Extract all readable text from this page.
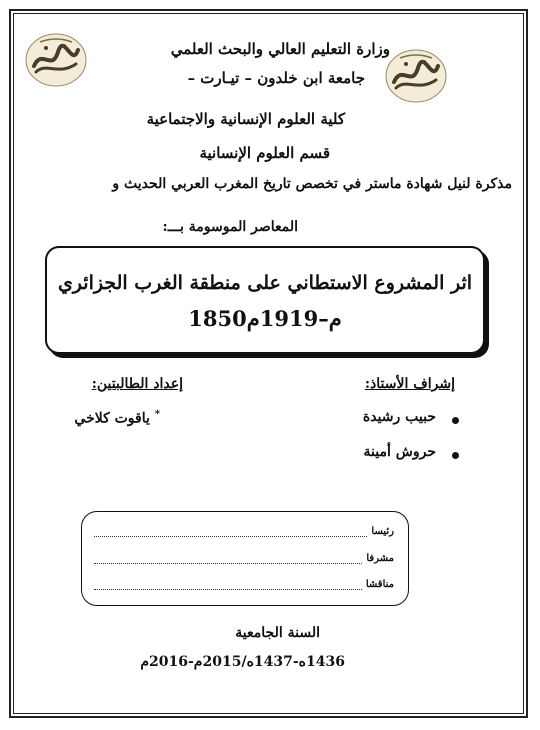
وزارة التعليم العالي والبحث العلمي
جامعة ابن خلدون – تيـارت –
كلية العلوم الإنسانية والاجتماعية
قسم العلوم الإنسانية
مذكرة لنيل شهادة ماستر في تخصص تاريخ المغرب العربي الحديث و
المعاصر الموسومة بـــ:
اثر المشروع الاستطاني على منطقة الغرب الجزائري
1850م–1919م
إشراف الأستاذ:
حبيب رشيدة
حروش أمينة
إعداد الطالبتين:
* ياقوت كلاخي
رئيسا
مشرفا
مناقشا
السنة الجامعية
1436ه-1437ه/2015م-2016م
